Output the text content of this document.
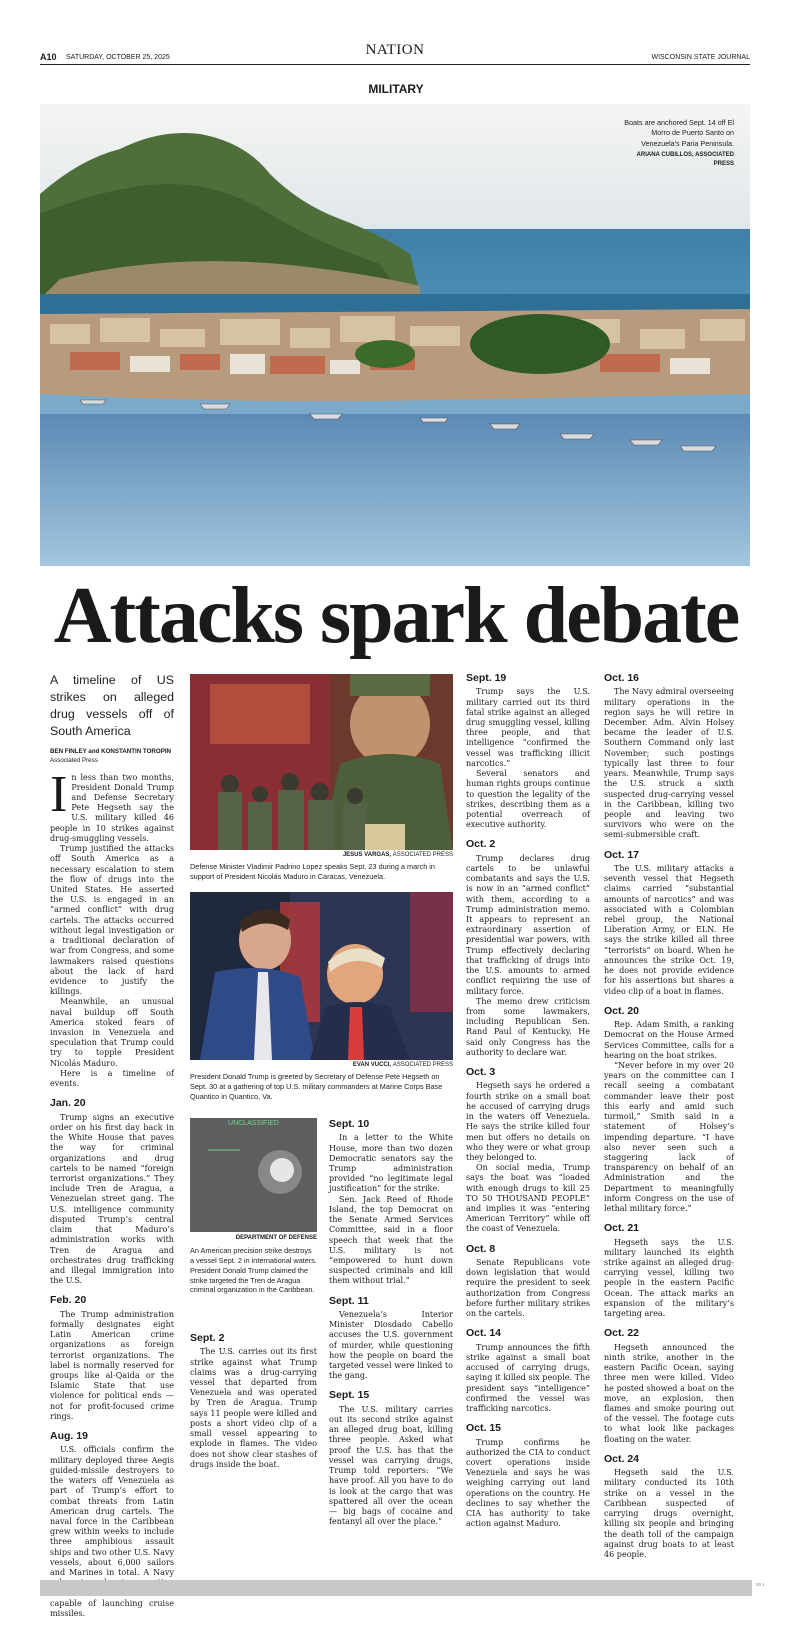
A10 SATURDAY, OCTOBER 25, 2025	NATION	WISCONSIN STATE JOURNAL
MILITARY
Boats are anchored Sept. 14 off El Morro de Puerto Santo on Venezuela's Paria Peninsula.
ARIANA CUBILLOS, ASSOCIATED PRESS
Attacks spark debate
A timeline of US strikes on alleged drug vessels off of South America
BEN FINLEY and KONSTANTIN TOROPIN
Associated Press

In less than two months, President Donald Trump and Defense Secretary Pete Hegseth say the U.S. military killed 46 people in 10 strikes against drug-smuggling vessels.

Trump justified the attacks off South America as a necessary escalation to stem the flow of drugs into the United States. He asserted the U.S. is engaged in an “armed conflict” with drug cartels. The attacks occurred without legal investigation or a traditional declaration of war from Congress, and some lawmakers raised questions about the lack of hard evidence to justify the killings.

Meanwhile, an unusual naval buildup off South America stoked fears of invasion in Venezuela and speculation that Trump could try to topple President Nicolás Maduro.

Here is a timeline of events.

Jan. 20

Trump signs an executive order on his first day back in the White House that paves the way for criminal organizations and drug cartels to be named “foreign terrorist organizations.” They include Tren de Aragua, a Venezuelan street gang. The U.S. intelligence community disputed Trump’s central claim that Maduro’s administration works with Tren de Aragua and orchestrates drug trafficking and illegal immigration into the U.S.

Feb. 20

The Trump administration formally designates eight Latin American crime organizations as foreign terrorist organizations. The label is normally reserved for groups like al-Qaida or the Islamic State that use violence for political ends — not for profit-focused crime rings.

Aug. 19

U.S. officials confirm the military deployed three Aegis guided-missile destroyers to the waters off Venezuela as part of Trump’s effort to combat threats from Latin American drug cartels. The naval force in the Caribbean grew within weeks to include three amphibious assault ships and two other U.S. Navy vessels, about 6,000 sailors and Marines in total. A Navy capable of launching cruise missiles.

JESUS VARGAS, ASSOCIATED PRESS
Defense Minister Vladimir Padrino Lopez speaks Sept. 23 during a march in support of President Nicolás Maduro in Caracas, Venezuela.
EVAN VUCCI, ASSOCIATED PRESS
President Donald Trump is greeted by Secretary of Defense Pete Hegseth on Sept. 30 at a gathering of top U.S. military commanders at Marine Corps Base Quantico in Quantico, Va.
UNCLASSIFIED
DEPARTMENT OF DEFENSE
An American precision strike destroys a vessel Sept. 2 in international waters. President Donald Trump claimed the strike targeted the Tren de Aragua criminal organization in the Caribbean.
Sept. 2

The U.S. carries out its first strike against what Trump claims was a drug-carrying vessel that departed from Venezuela and was operated by Tren de Aragua. Trump says 11 people were killed and posts a short video clip of a small vessel appearing to explode in flames. The video does not show clear stashes of drugs inside the boat.

Sept. 10

In a letter to the White House, more than two dozen Democratic senators say the Trump administration provided “no legitimate legal justification” for the strike.

Sen. Jack Reed of Rhode Island, the top Democrat on the Senate Armed Services Committee, said in a floor speech that week that the U.S. military is not “empowered to hunt down suspected criminals and kill them without trial.”

Sept. 11

Venezuela’s Interior Minister Diosdado Cabello accuses the U.S. government of murder, while questioning how the people on board the targeted vessel were linked to the gang.

Sept. 15

The U.S. military carries out its second strike against an alleged drug boat, killing three people. Asked what proof the U.S. has that the vessel was carrying drugs, Trump told reporters: “We have proof. All you have to do is look at the cargo that was spattered all over the ocean — big bags of cocaine and fentanyl all over the place.”

Sept. 19

Trump says the U.S. military carried out its third fatal strike against an alleged drug smuggling vessel, killing three people, and that intelligence “confirmed the vessel was trafficking illicit narcotics.”

Several senators and human rights groups continue to question the legality of the strikes, describing them as a potential overreach of executive authority.

Oct. 2

Trump declares drug cartels to be unlawful combatants and says the U.S. is now in an “armed conflict” with them, according to a Trump administration memo. It appears to represent an extraordinary assertion of presidential war powers, with Trump effectively declaring that trafficking of drugs into the U.S. amounts to armed conflict requiring the use of military force.

The memo drew criticism from some lawmakers, including Republican Sen. Rand Paul of Kentucky. He said only Congress has the authority to declare war.

Oct. 3

Hegseth says he ordered a fourth strike on a small boat he accused of carrying drugs in the waters off Venezuela. He says the strike killed four men but offers no details on who they were or what group they belonged to.

On social media, Trump says the boat was “loaded with enough drugs to kill 25 TO 50 THOUSAND PEOPLE” and implies it was “entering American Territory” while off the coast of Venezuela.

Oct. 8

Senate Republicans vote down legislation that would require the president to seek authorization from Congress before further military strikes on the cartels.

Oct. 14

Trump announces the fifth strike against a small boat accused of carrying drugs, saying it killed six people. The president says “intelligence” confirmed the vessel was trafficking narcotics.

Oct. 15

Trump confirms he authorized the CIA to conduct covert operations inside Venezuela and says he was weighing carrying out land operations on the country. He declines to say whether the CIA has authority to take action against Maduro.

Oct. 16

The Navy admiral overseeing military operations in the region says he will retire in December. Adm. Alvin Holsey became the leader of U.S. Southern Command only last November; such postings typically last three to four years. Meanwhile, Trump says the U.S. struck a sixth suspected drug-carrying vessel in the Caribbean, killing two people and leaving two survivors who were on the semi-submersible craft.

Oct. 17

The U.S. military attacks a seventh vessel that Hegseth claims carried “substantial amounts of narcotics” and was associated with a Colombian rebel group, the National Liberation Army, or ELN. He says the strike killed all three “terrorists” on board. When he announces the strike Oct. 19, he does not provide evidence for his assertions but shares a video clip of a boat in flames.

Oct. 20

Rep. Adam Smith, a ranking Democrat on the House Armed Services Committee, calls for a hearing on the boat strikes.

“Never before in my over 20 years on the committee can I recall seeing a combatant commander leave their post this early and amid such turmoil,” Smith said in a statement of Holsey’s impending departure. “I have also never seen such a staggering lack of transparency on behalf of an Administration and the Department to meaningfully inform Congress on the use of lethal military force.”

Oct. 21

Hegseth says the U.S. military launched its eighth strike against an alleged drug-carrying vessel, killing two people in the eastern Pacific Ocean. The attack marks an expansion of the military’s targeting area.

Oct. 22

Hegseth announced the ninth strike, another in the eastern Pacific Ocean, saying three men were killed. Video he posted showed a boat on the move, an explosion, then flames and smoke pouring out of the vessel. The footage cuts to what look like packages floating on the water.

Oct. 24

Hegseth said the U.S. military conducted its 10th strike on a vessel in the Caribbean suspected of carrying drugs overnight, killing six people and bringing the death toll of the campaign against drug boats to at least 46 people.

00 1
